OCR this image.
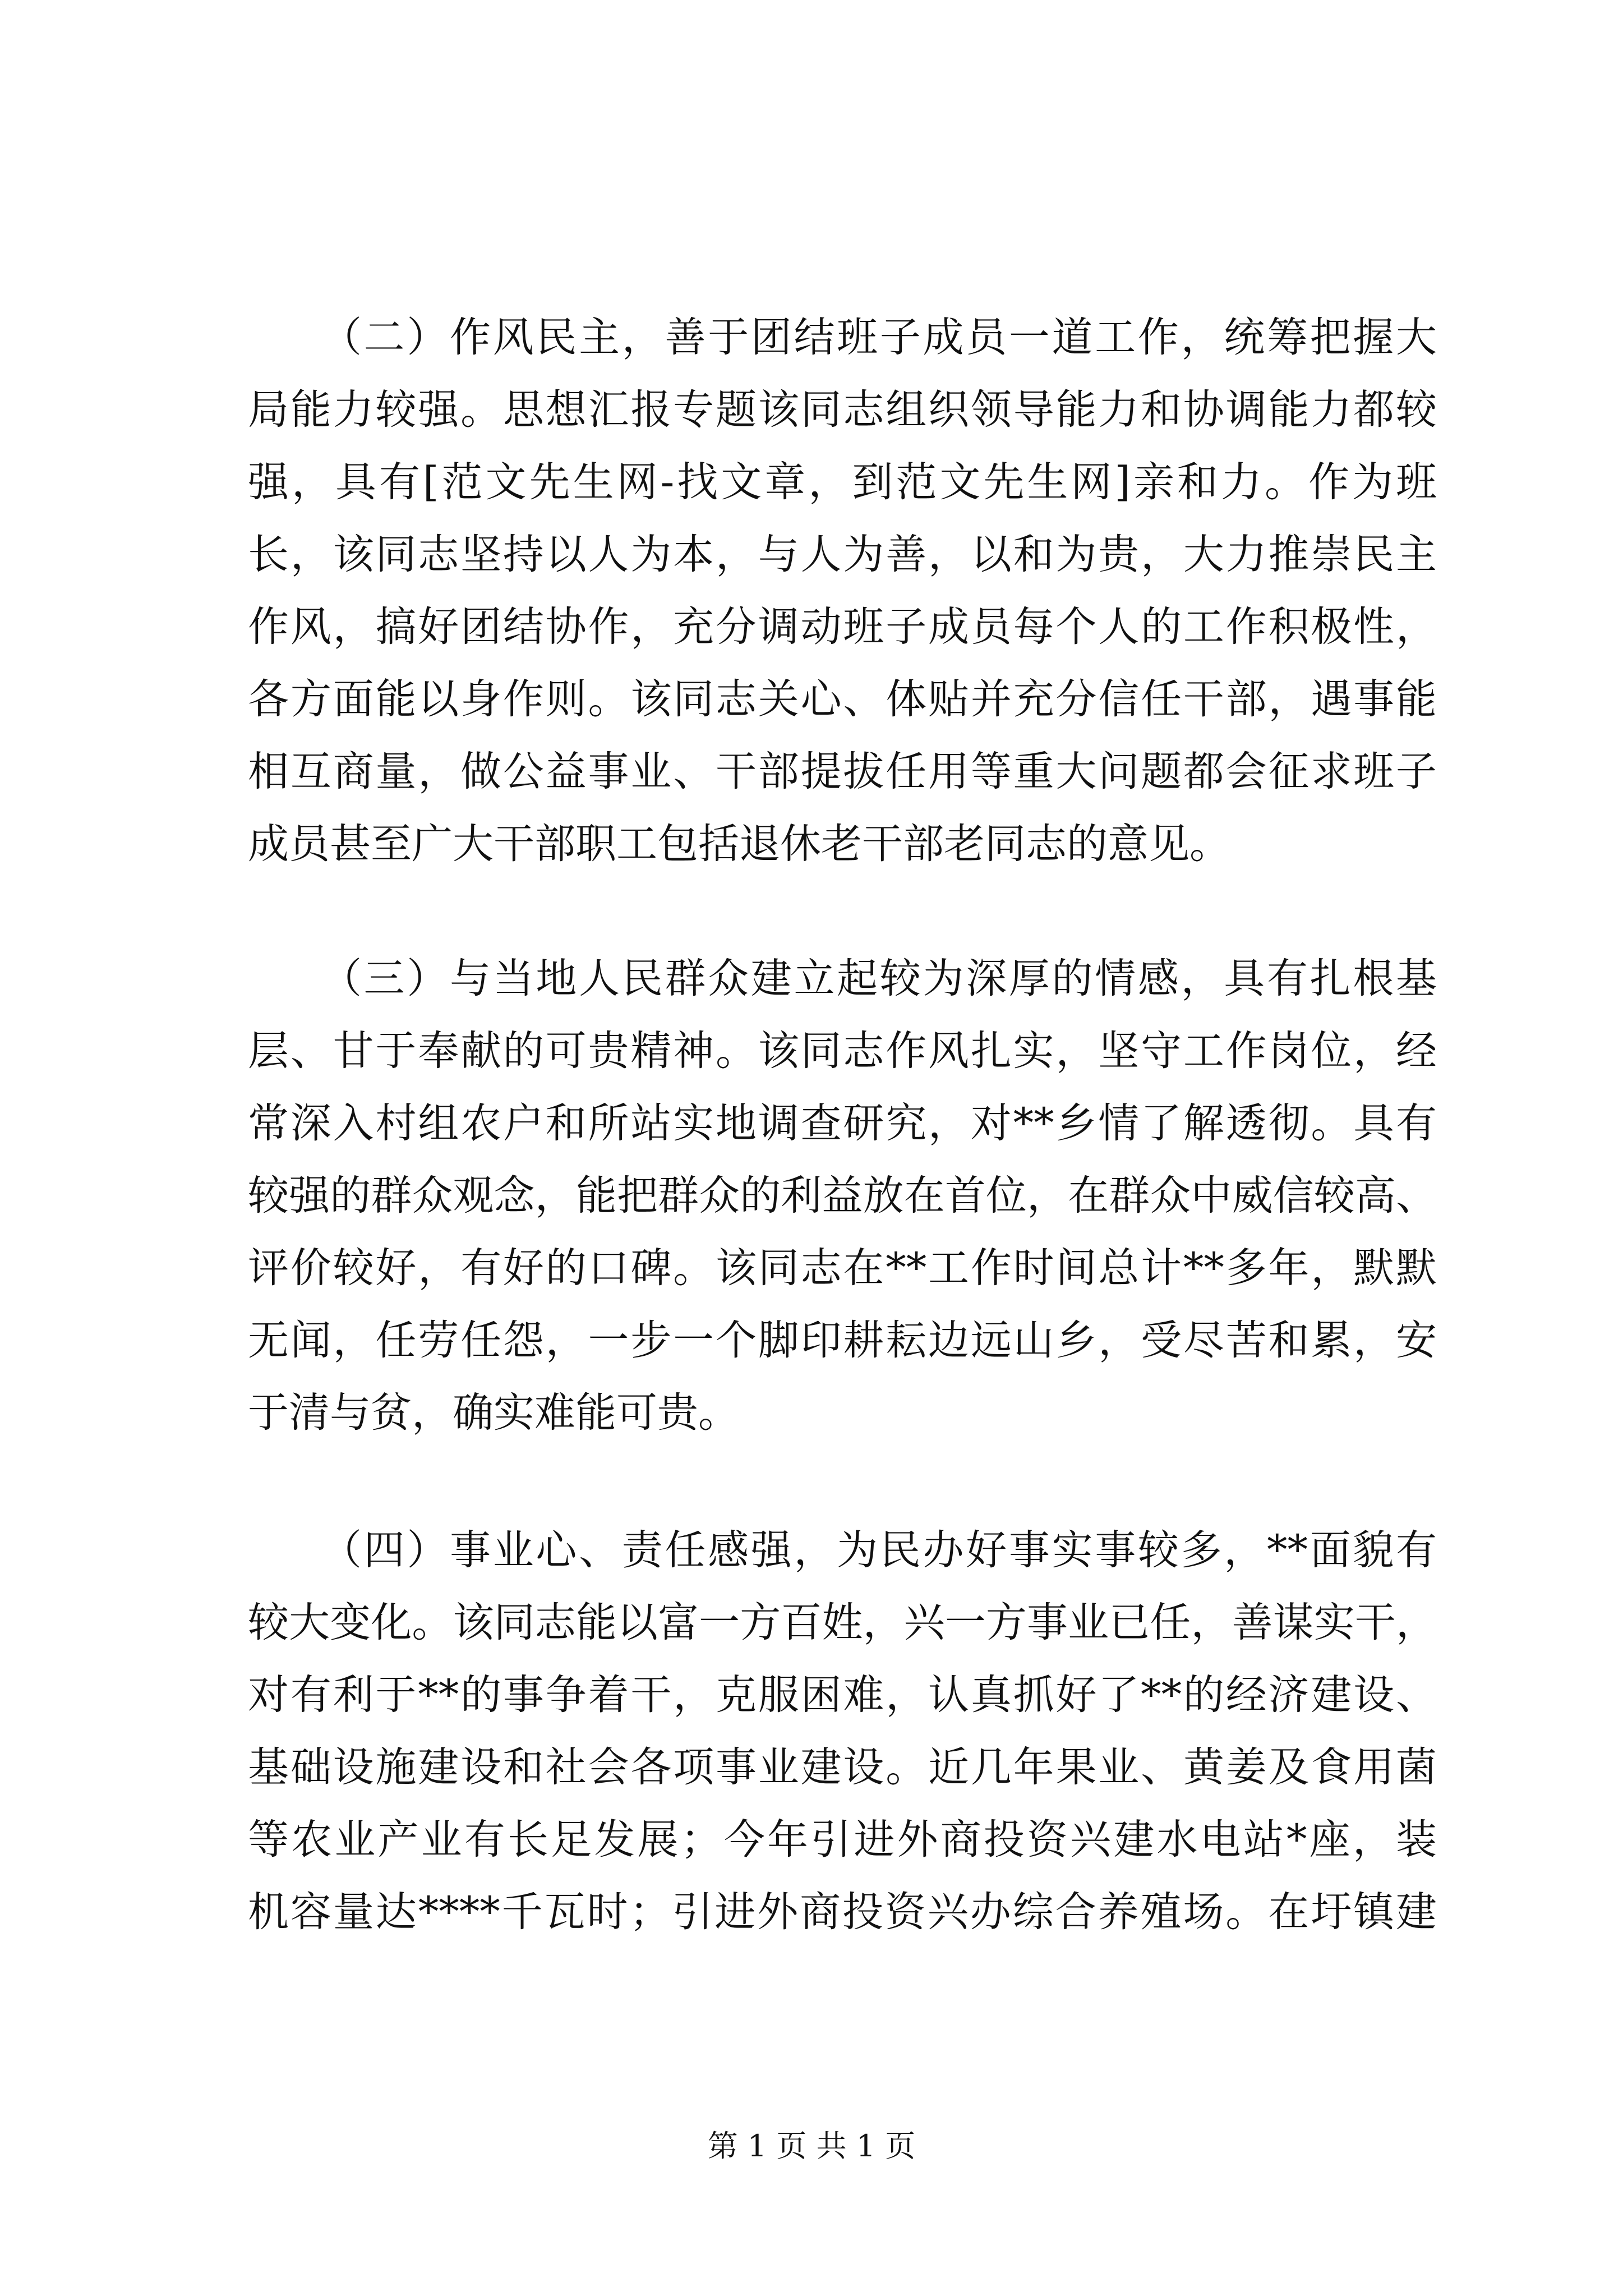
（二）作风民主，善于团结班子成员一道工作，统筹把握大
局能力较强。思想汇报专题该同志组织领导能力和协调能力都较
强，具有[范文先生网-找文章，到范文先生网]亲和力。作为班
长，该同志坚持以人为本，与人为善，以和为贵，大力推崇民主
作风，搞好团结协作，充分调动班子成员每个人的工作积极性，
各方面能以身作则。该同志关心、体贴并充分信任干部，遇事能
相互商量，做公益事业、干部提拔任用等重大问题都会征求班子
成员甚至广大干部职工包括退休老干部老同志的意见。
（三）与当地人民群众建立起较为深厚的情感，具有扎根基
层、甘于奉献的可贵精神。该同志作风扎实，坚守工作岗位，经
常深入村组农户和所站实地调查研究，对**乡情了解透彻。具有
较强的群众观念，能把群众的利益放在首位，在群众中威信较高、
评价较好，有好的口碑。该同志在**工作时间总计**多年，默默
无闻，任劳任怨，一步一个脚印耕耘边远山乡，受尽苦和累，安
于清与贫，确实难能可贵。
（四）事业心、责任感强，为民办好事实事较多，**面貌有
较大变化。该同志能以富一方百姓，兴一方事业已任，善谋实干，
对有利于**的事争着干，克服困难，认真抓好了**的经济建设、
基础设施建设和社会各项事业建设。近几年果业、黄姜及食用菌
等农业产业有长足发展；今年引进外商投资兴建水电站*座，装
机容量达****千瓦时；引进外商投资兴办综合养殖场。在圩镇建
第 1 页 共 1 页
